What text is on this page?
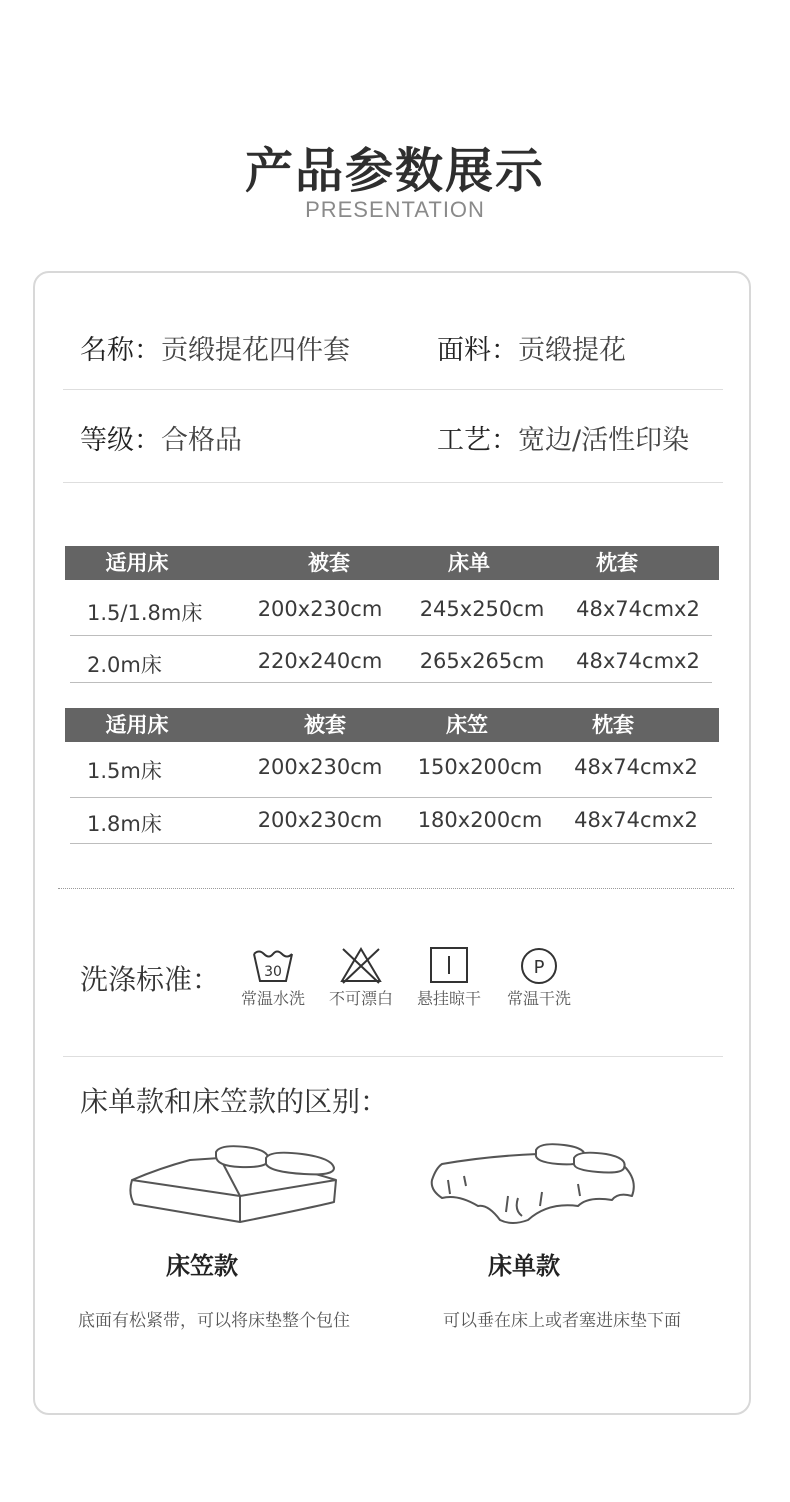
产品参数展示
PRESENTATION
名称：贡缎提花四件套	面料：贡缎提花
等级：合格品	工艺：宽边/活性印染
适用床	被套	床单	枕套
1.5/1.8m床	200x230cm	245x250cm	48x74cmx2
2.0m床	220x240cm	265x265cm	48x74cmx2
适用床	被套	床笠	枕套
1.5m床	200x230cm	150x200cm	48x74cmx2
1.8m床	200x230cm	180x200cm	48x74cmx2
洗涤标准：	30
常温水洗	不可漂白	悬挂晾干
P
常温干洗
床单款和床笠款的区别：
床笠款
底面有松紧带，可以将床垫整个包住
床单款
可以垂在床上或者塞进床垫下面
